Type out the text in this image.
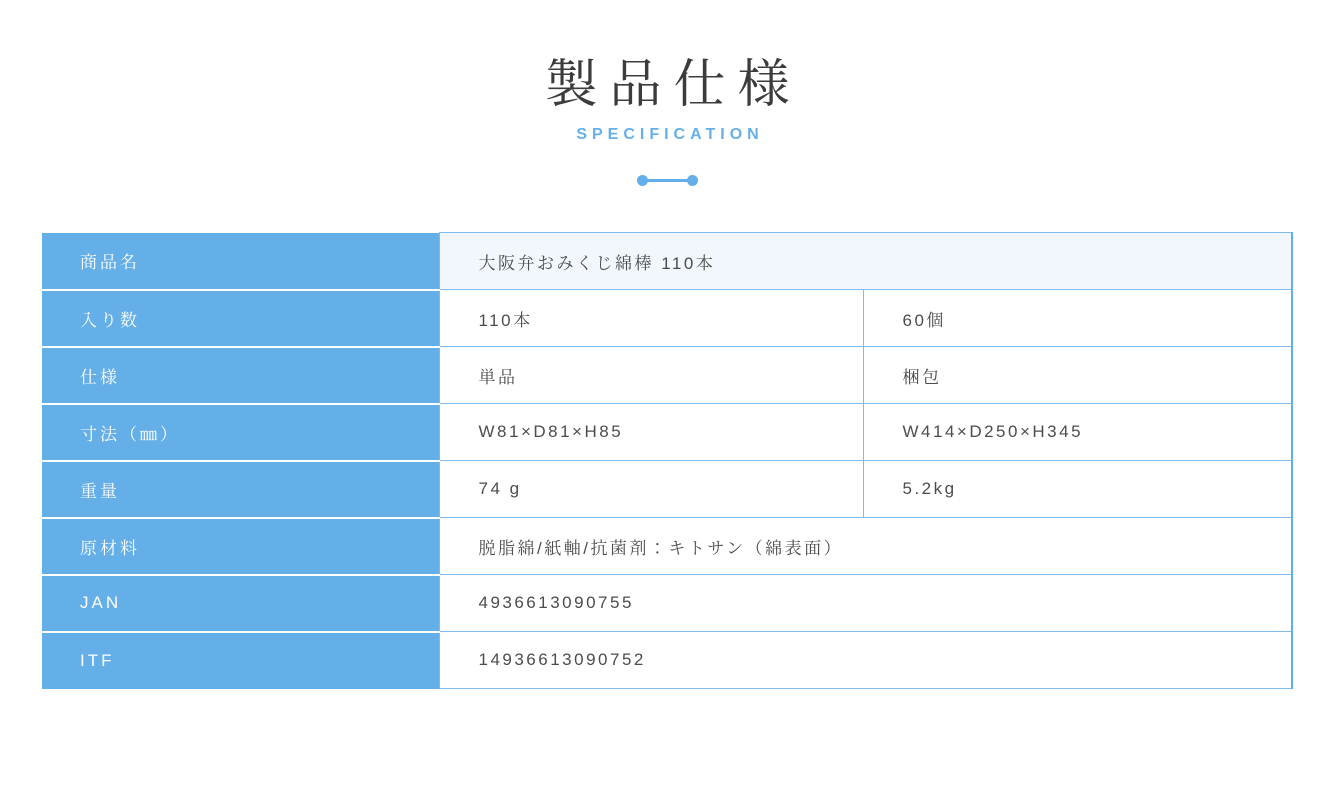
製品仕様
SPECIFICATION
商品名	大阪弁おみくじ綿棒 110本	
入り数	110本	60個
仕様	単品	梱包
寸法（㎜）	W81×D81×H85	W414×D250×H345
重量	74 g	5.2kg
原材料	脱脂綿/紙軸/抗菌剤：キトサン（綿表面）	
JAN	4936613090755	
ITF	14936613090752	
